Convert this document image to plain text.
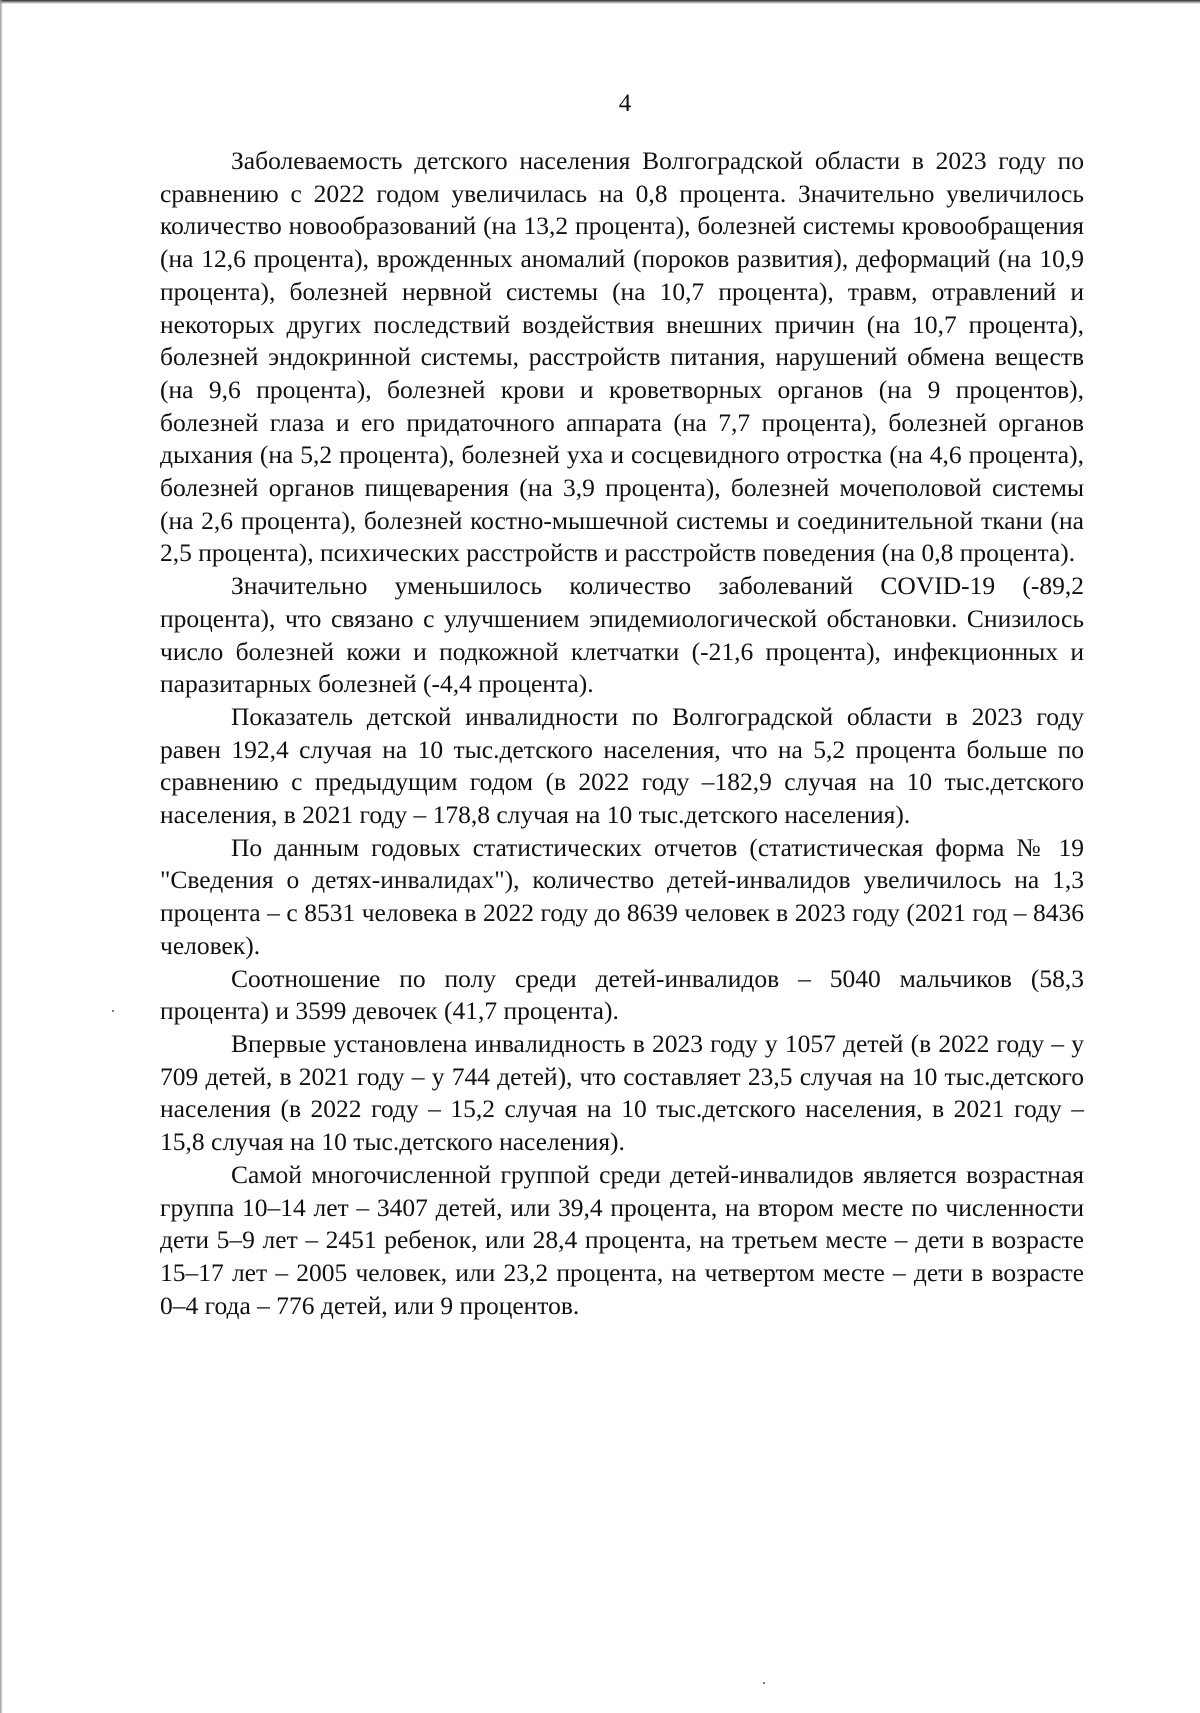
4

Заболеваемость детского населения Волгоградской области в 2023 году по сравнению с 2022 годом увеличилась на 0,8 процента. Значительно увеличилось количество новообразований (на 13,2 процента), болезней системы кровообращения (на 12,6 процента), врожденных аномалий (пороков развития), деформаций (на 10,9 процента), болезней нервной системы (на 10,7 процента), травм, отравлений и некоторых других последствий воздействия внешних причин (на 10,7 процента), болезней эндокринной системы, расстройств питания, нарушений обмена веществ (на 9,6 процента), болезней крови и кроветворных органов (на 9 процентов), болезней глаза и его придаточного аппарата (на 7,7 процента), болезней органов дыхания (на 5,2 процента), болезней уха и сосцевидного отростка (на 4,6 процента), болезней органов пищеварения (на 3,9 процента), болезней мочеполовой системы (на 2,6 процента), болезней костно-мышечной системы и соединительной ткани (на 2,5 процента), психических расстройств и расстройств поведения (на 0,8 процента).

Значительно уменьшилось количество заболеваний COVID-19 (-89,2 процента), что связано с улучшением эпидемиологической обстановки. Снизилось число болезней кожи и подкожной клетчатки (-21,6 процента), инфекционных и паразитарных болезней (-4,4 процента).

Показатель детской инвалидности по Волгоградской области в 2023 году равен 192,4 случая на 10 тыс.детского населения, что на 5,2 процента больше по сравнению с предыдущим годом (в 2022 году –182,9 случая на 10 тыс.детского населения, в 2021 году – 178,8 случая на 10 тыс.детского населения).

По данным годовых статистических отчетов (статистическая форма № 19 "Сведения о детях-инвалидах"), количество детей-инвалидов увеличилось на 1,3 процента – с 8531 человека в 2022 году до 8639 человек в 2023 году (2021 год – 8436 человек).

Соотношение по полу среди детей-инвалидов – 5040 мальчиков (58,3 процента) и 3599 девочек (41,7 процента).

Впервые установлена инвалидность в 2023 году у 1057 детей (в 2022 году – у 709 детей, в 2021 году – у 744 детей), что составляет 23,5 случая на 10 тыс.детского населения (в 2022 году – 15,2 случая на 10 тыс.детского населения, в 2021 году – 15,8 случая на 10 тыс.детского населения).

Самой многочисленной группой среди детей-инвалидов является возрастная группа 10–14 лет – 3407 детей, или 39,4 процента, на втором месте по численности дети 5–9 лет – 2451 ребенок, или 28,4 процента, на третьем месте – дети в возрасте 15–17 лет – 2005 человек, или 23,2 процента, на четвертом месте – дети в возрасте 0–4 года – 776 детей, или 9 процентов.
